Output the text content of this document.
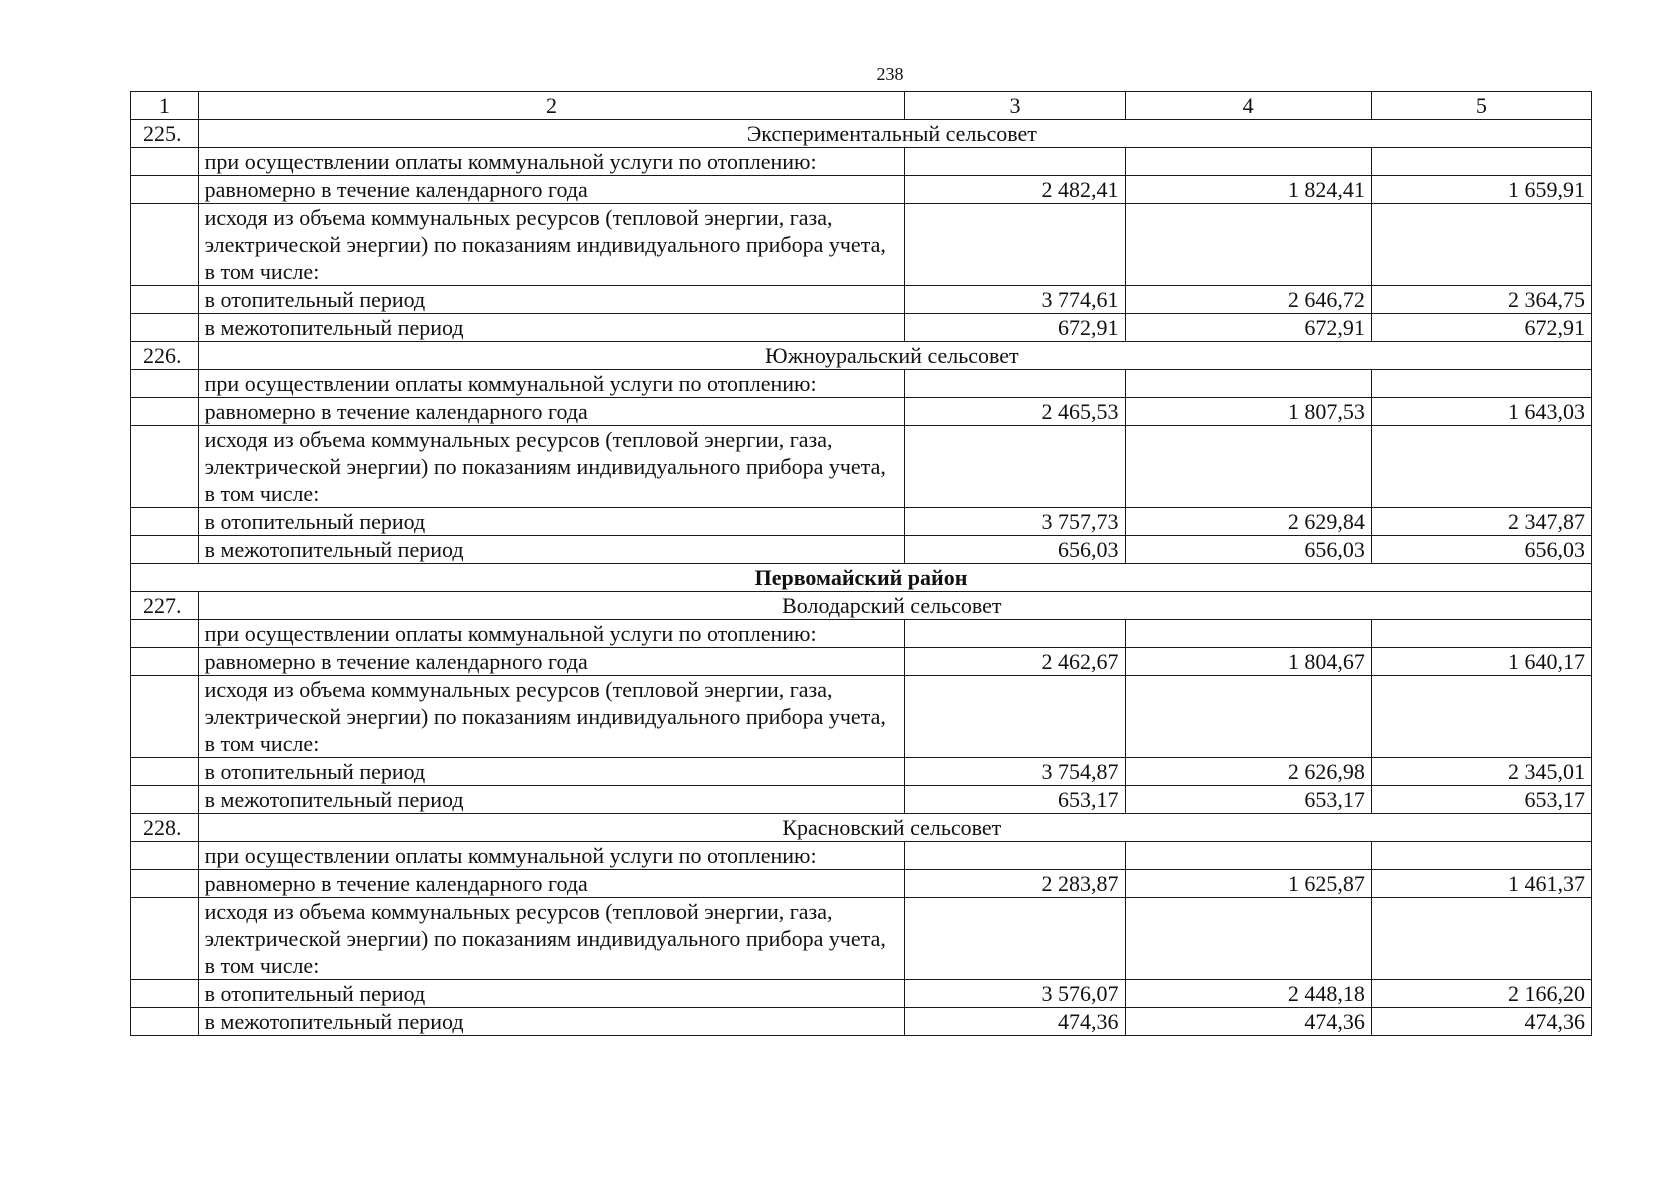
238
1	2	3	4	5
225.	Экспериментальный сельсовет			
	при осуществлении оплаты коммунальной услуги по отоплению:			
	равномерно в течение календарного года	2 482,41	1 824,41	1 659,91
	исходя из объема коммунальных ресурсов (тепловой энергии, газа, электрической энергии) по показаниям индивидуального прибора учета, в том числе:			
	в отопительный период	3 774,61	2 646,72	2 364,75
	в межотопительный период	672,91	672,91	672,91
226.	Южноуральский сельсовет			
	при осуществлении оплаты коммунальной услуги по отоплению:			
	равномерно в течение календарного года	2 465,53	1 807,53	1 643,03
	исходя из объема коммунальных ресурсов (тепловой энергии, газа, электрической энергии) по показаниям индивидуального прибора учета, в том числе:			
	в отопительный период	3 757,73	2 629,84	2 347,87
	в межотопительный период	656,03	656,03	656,03
Первомайский район				
227.	Володарский сельсовет			
	при осуществлении оплаты коммунальной услуги по отоплению:			
	равномерно в течение календарного года	2 462,67	1 804,67	1 640,17
	исходя из объема коммунальных ресурсов (тепловой энергии, газа, электрической энергии) по показаниям индивидуального прибора учета, в том числе:			
	в отопительный период	3 754,87	2 626,98	2 345,01
	в межотопительный период	653,17	653,17	653,17
228.	Красновский сельсовет			
	при осуществлении оплаты коммунальной услуги по отоплению:			
	равномерно в течение календарного года	2 283,87	1 625,87	1 461,37
	исходя из объема коммунальных ресурсов (тепловой энергии, газа, электрической энергии) по показаниям индивидуального прибора учета, в том числе:			
	в отопительный период	3 576,07	2 448,18	2 166,20
	в межотопительный период	474,36	474,36	474,36
